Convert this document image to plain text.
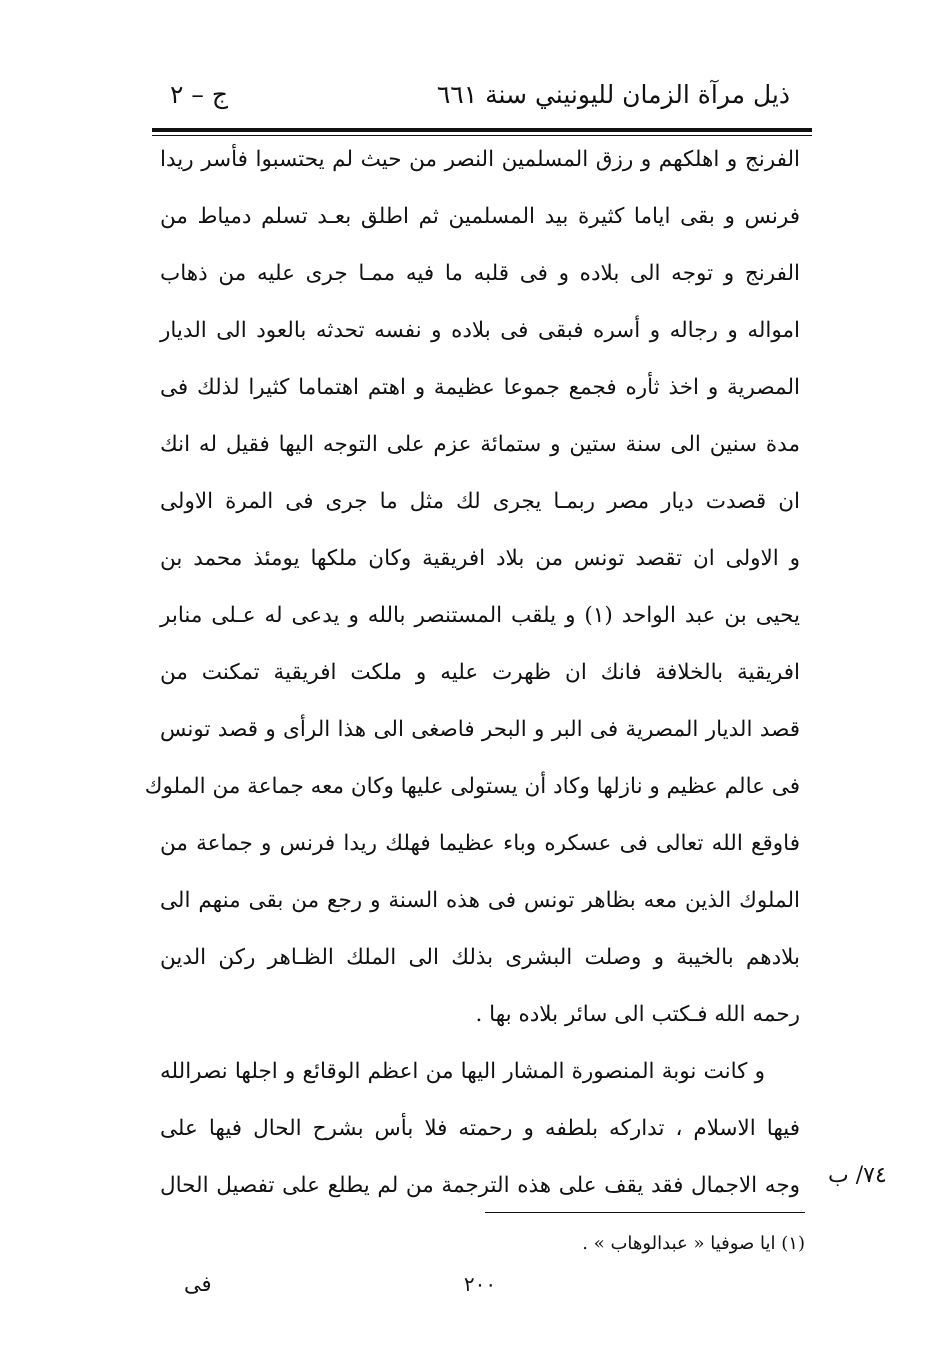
ذيل مرآة الزمان لليونيني سنة ٦٦١
ج – ٢
الفرنج و اهلكهم و رزق المسلمين النصر من حيث لم يحتسبوا فأسر ريدا
فرنس و بقى اياما كثيرة بيد المسلمين ثم اطلق بعـد تسلم دمياط من
الفرنج و توجه الى بلاده و فى قلبه ما فيه ممـا جرى عليه من ذهاب
امواله و رجاله و أسره فبقى فى بلاده و نفسه تحدثه بالعود الى الديار
المصرية و اخذ ثأره فجمع جموعا عظيمة و اهتم اهتماما كثيرا لذلك فى
مدة سنين الى سنة ستين و ستمائة عزم على التوجه اليها فقيل له انك
ان قصدت ديار مصر ربمـا يجرى لك مثل ما جرى فى المرة الاولى
و الاولى ان تقصد تونس من بلاد افريقية وكان ملكها يومئذ محمد بن
يحيى بن عبد الواحد (١) و يلقب المستنصر بالله و يدعى له عـلى منابر
افريقية بالخلافة فانك ان ظهرت عليه و ملكت افريقية تمكنت من
قصد الديار المصرية فى البر و البحر فاصغى الى هذا الرأى و قصد تونس
فى عالم عظيم و نازلها وكاد أن يستولى عليها وكان معه جماعة من الملوك
فاوقع الله تعالى فى عسكره وباء عظيما فهلك ريدا فرنس و جماعة من
الملوك الذين معه بظاهر تونس فى هذه السنة و رجع من بقى منهم الى
بلادهم بالخيبة و وصلت البشرى بذلك الى الملك الظـاهر ركن الدين
رحمه الله فـكتب الى سائر بلاده بها .
و كانت نوبة المنصورة المشار اليها من اعظم الوقائع و اجلها نصرالله
فيها الاسلام ، تداركه بلطفه و رحمته فلا بأس بشرح الحال فيها على
وجه الاجمال فقد يقف على هذه الترجمة من لم يطلع على تفصيل الحال ٧٤/ ب
(١) ايا صوفيا « عبدالوهاب » .
٢٠٠
فى
